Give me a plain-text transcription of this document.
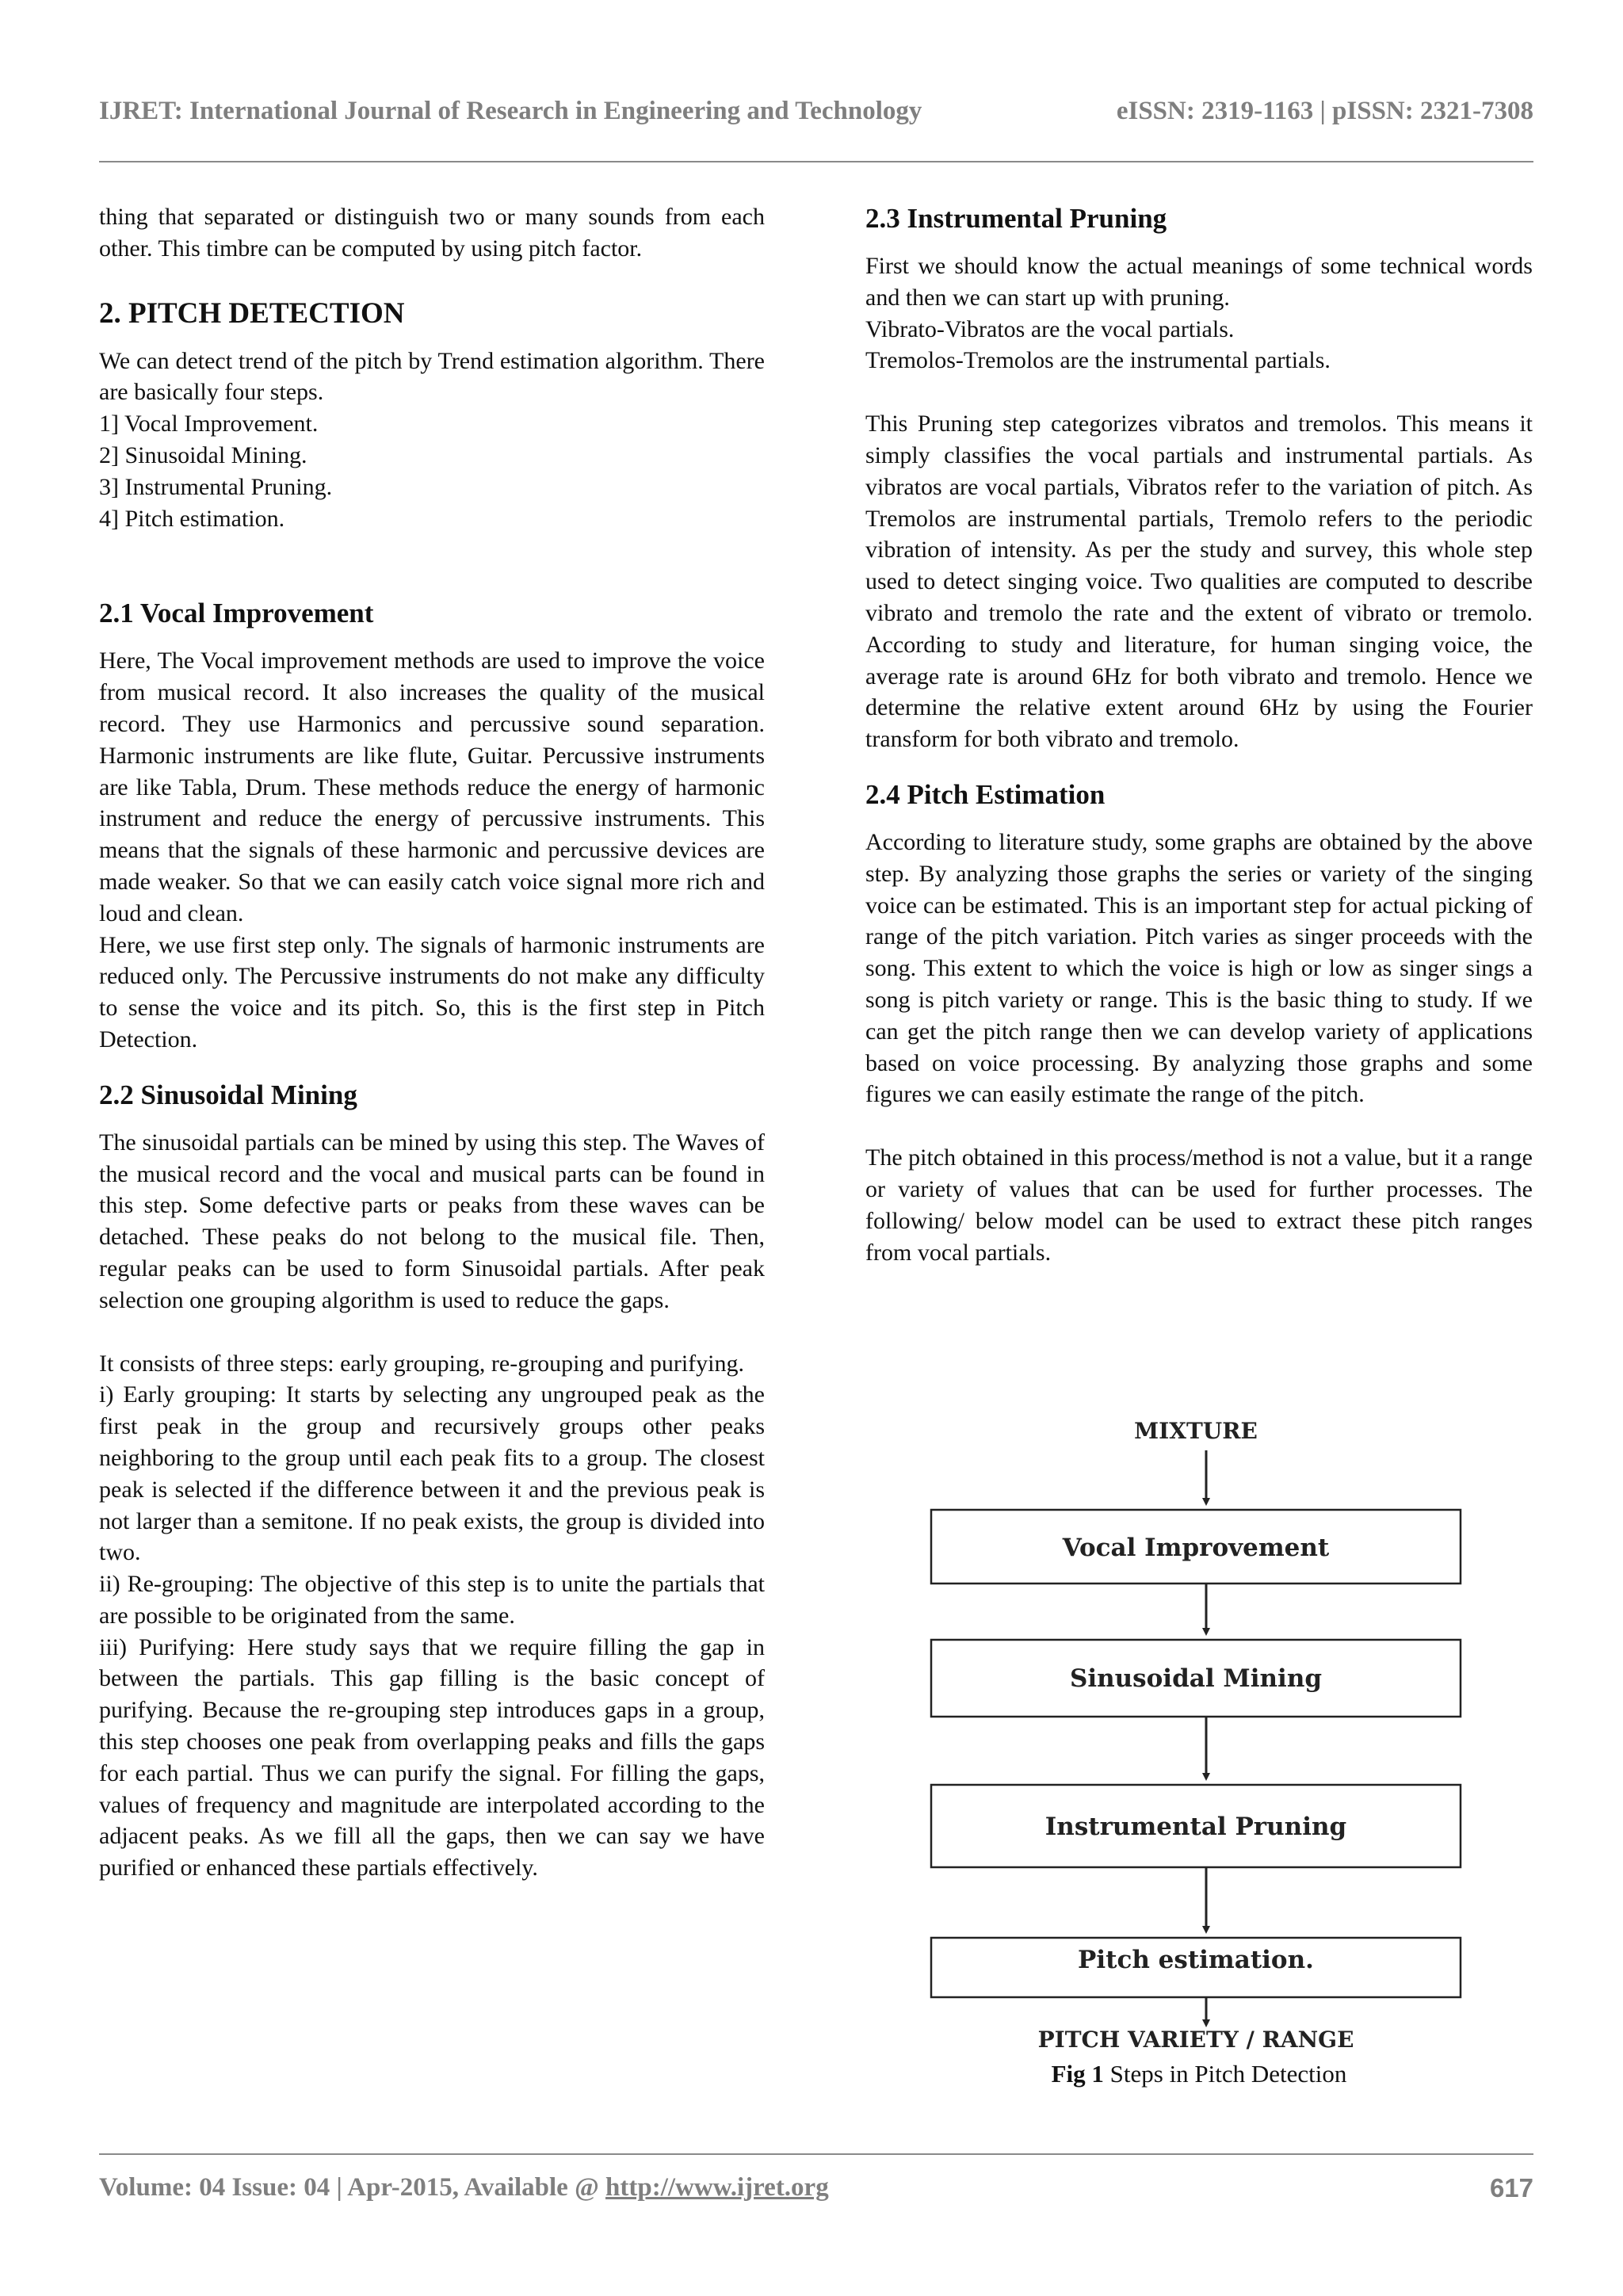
IJRET: International Journal of Research in Engineering and Technology	eISSN: 2319-1163 | pISSN: 2321-7308

thing that separated or distinguish two or many sounds from each other. This timbre can be computed by using pitch factor.

2. PITCH DETECTION

We can detect trend of the pitch by Trend estimation algorithm. There are basically four steps.

1] Vocal Improvement.

2] Sinusoidal Mining.

3] Instrumental Pruning.

4] Pitch estimation.

2.1 Vocal Improvement

Here, The Vocal improvement methods are used to improve the voice from musical record. It also increases the quality of the musical record. They use Harmonics and percussive sound separation. Harmonic instruments are like flute, Guitar. Percussive instruments are like Tabla, Drum. These methods reduce the energy of harmonic instrument and reduce the energy of percussive instruments. This means that the signals of these harmonic and percussive devices are made weaker. So that we can easily catch voice signal more rich and loud and clean.

Here, we use first step only. The signals of harmonic instruments are reduced only. The Percussive instruments do not make any difficulty to sense the voice and its pitch. So, this is the first step in Pitch Detection.

2.2 Sinusoidal Mining

The sinusoidal partials can be mined by using this step. The Waves of the musical record and the vocal and musical parts can be found in this step. Some defective parts or peaks from these waves can be detached. These peaks do not belong to the musical file. Then, regular peaks can be used to form Sinusoidal partials. After peak selection one grouping algorithm is used to reduce the gaps.

It consists of three steps: early grouping, re-grouping and purifying.

i) Early grouping: It starts by selecting any ungrouped peak as the first peak in the group and recursively groups other peaks neighboring to the group until each peak fits to a group. The closest peak is selected if the difference between it and the previous peak is not larger than a semitone. If no peak exists, the group is divided into two.

ii) Re-grouping: The objective of this step is to unite the partials that are possible to be originated from the same.

iii) Purifying: Here study says that we require filling the gap in between the partials. This gap filling is the basic concept of purifying. Because the re-grouping step introduces gaps in a group, this step chooses one peak from overlapping peaks and fills the gaps for each partial. Thus we can purify the signal. For filling the gaps, values of frequency and magnitude are interpolated according to the adjacent peaks. As we fill all the gaps, then we can say we have purified or enhanced these partials effectively.

2.3 Instrumental Pruning

First we should know the actual meanings of some technical words and then we can start up with pruning.

Vibrato-Vibratos are the vocal partials.

Tremolos-Tremolos are the instrumental partials.

This Pruning step categorizes vibratos and tremolos. This means it simply classifies the vocal partials and instrumental partials. As vibratos are vocal partials, Vibratos refer to the variation of pitch. As Tremolos are instrumental partials, Tremolo refers to the periodic vibration of intensity. As per the study and survey, this whole step used to detect singing voice. Two qualities are computed to describe vibrato and tremolo the rate and the extent of vibrato or tremolo. According to study and literature, for human singing voice, the average rate is around 6Hz for both vibrato and tremolo. Hence we determine the relative extent around 6Hz by using the Fourier transform for both vibrato and tremolo.

2.4 Pitch Estimation

According to literature study, some graphs are obtained by the above step. By analyzing those graphs the series or variety of the singing voice can be estimated. This is an important step for actual picking of range of the pitch variation. Pitch varies as singer proceeds with the song. This extent to which the voice is high or low as singer sings a song is pitch variety or range. This is the basic thing to study. If we can get the pitch range then we can develop variety of applications based on voice processing. By analyzing those graphs and some figures we can easily estimate the range of the pitch.

The pitch obtained in this process/method is not a value, but it a range or variety of values that can be used for further processes. The following/ below model can be used to extract these pitch ranges from vocal partials.

MIXTURE
Vocal Improvement
Sinusoidal Mining
Instrumental Pruning
Pitch estimation.
PITCH VARIETY / RANGE
Fig 1 Steps in Pitch Detection
Volume: 04 Issue: 04 | Apr-2015, Available @ http://www.ijret.org	617
